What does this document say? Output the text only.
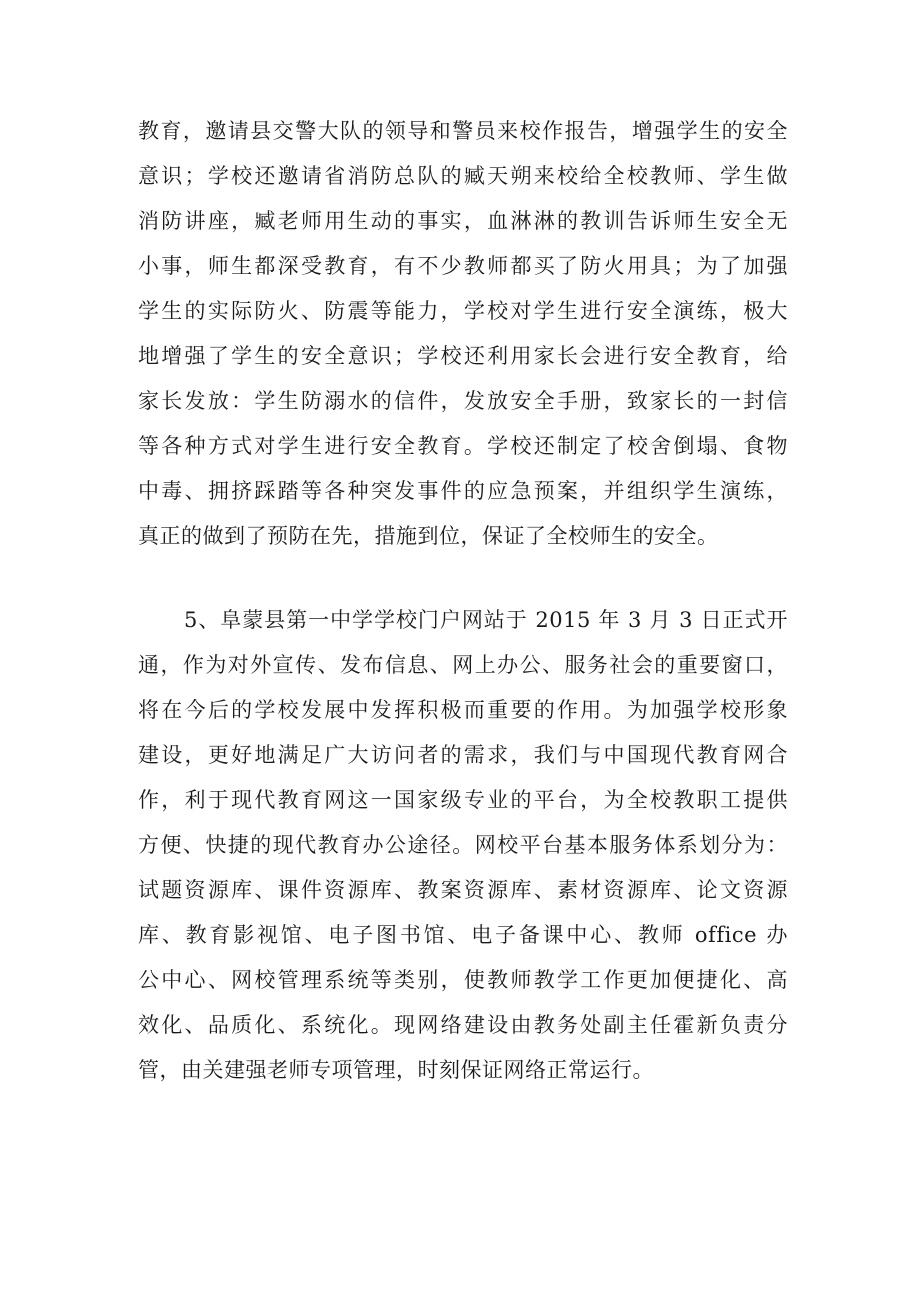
教育，邀请县交警大队的领导和警员来校作报告，增强学生的安全
意识；学校还邀请省消防总队的臧天朔来校给全校教师、学生做
消防讲座，臧老师用生动的事实，血淋淋的教训告诉师生安全无
小事，师生都深受教育，有不少教师都买了防火用具；为了加强
学生的实际防火、防震等能力，学校对学生进行安全演练，极大
地增强了学生的安全意识；学校还利用家长会进行安全教育，给
家长发放：学生防溺水的信件，发放安全手册，致家长的一封信
等各种方式对学生进行安全教育。学校还制定了校舍倒塌、食物
中毒、拥挤踩踏等各种突发事件的应急预案，并组织学生演练，
真正的做到了预防在先，措施到位，保证了全校师生的安全。
5、阜蒙县第一中学学校门户网站于 2015 年 3 月 3 日正式开
通，作为对外宣传、发布信息、网上办公、服务社会的重要窗口，
将在今后的学校发展中发挥积极而重要的作用。为加强学校形象
建设，更好地满足广大访问者的需求，我们与中国现代教育网合
作，利于现代教育网这一国家级专业的平台，为全校教职工提供
方便、快捷的现代教育办公途径。网校平台基本服务体系划分为：
试题资源库、课件资源库、教案资源库、素材资源库、论文资源
库、教育影视馆、电子图书馆、电子备课中心、教师 office 办
公中心、网校管理系统等类别，使教师教学工作更加便捷化、高
效化、品质化、系统化。现网络建设由教务处副主任霍新负责分
管，由关建强老师专项管理，时刻保证网络正常运行。
